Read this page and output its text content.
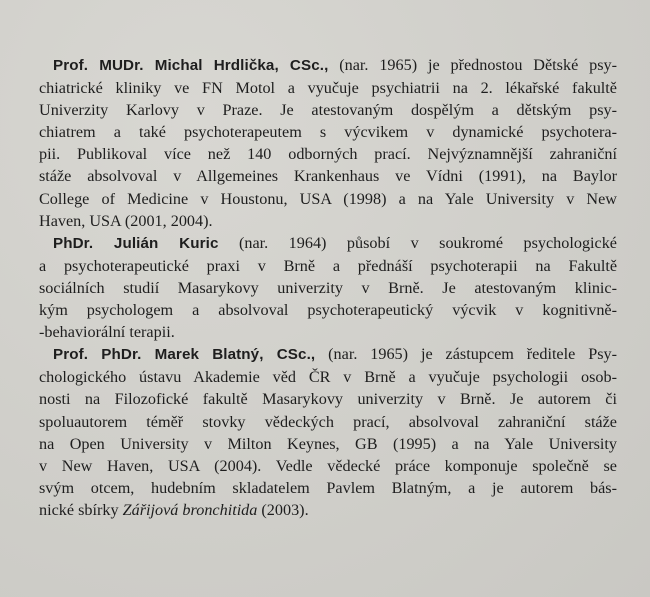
Prof. MUDr. Michal Hrdlička, CSc., (nar. 1965) je přednostou Dětské psy-
chiatrické kliniky ve FN Motol a vyučuje psychiatrii na 2. lékařské fakultě
Univerzity Karlovy v Praze. Je atestovaným dospělým a dětským psy-
chiatrem a také psychoterapeutem s výcvikem v dynamické psychotera-
pii. Publikoval více než 140 odborných prací. Nejvýznamnější zahraniční
stáže absolvoval v Allgemeines Krankenhaus ve Vídni (1991), na Baylor
College of Medicine v Houstonu, USA (1998) a na Yale University v New
Haven, USA (2001, 2004).

PhDr. Julián Kuric (nar. 1964) působí v soukromé psychologické
a psychoterapeutické praxi v Brně a přednáší psychoterapii na Fakultě
sociálních studií Masarykovy univerzity v Brně. Je atestovaným klinic-
kým psychologem a absolvoval psychoterapeutický výcvik v kognitivně-
-behaviorální terapii.

Prof. PhDr. Marek Blatný, CSc., (nar. 1965) je zástupcem ředitele Psy-
chologického ústavu Akademie věd ČR v Brně a vyučuje psychologii osob-
nosti na Filozofické fakultě Masarykovy univerzity v Brně. Je autorem či
spoluautorem téměř stovky vědeckých prací, absolvoval zahraniční stáže
na Open University v Milton Keynes, GB (1995) a na Yale University
v New Haven, USA (2004). Vedle vědecké práce komponuje společně se
svým otcem, hudebním skladatelem Pavlem Blatným, a je autorem bás-
nické sbírky Zářijová bronchitida (2003).
